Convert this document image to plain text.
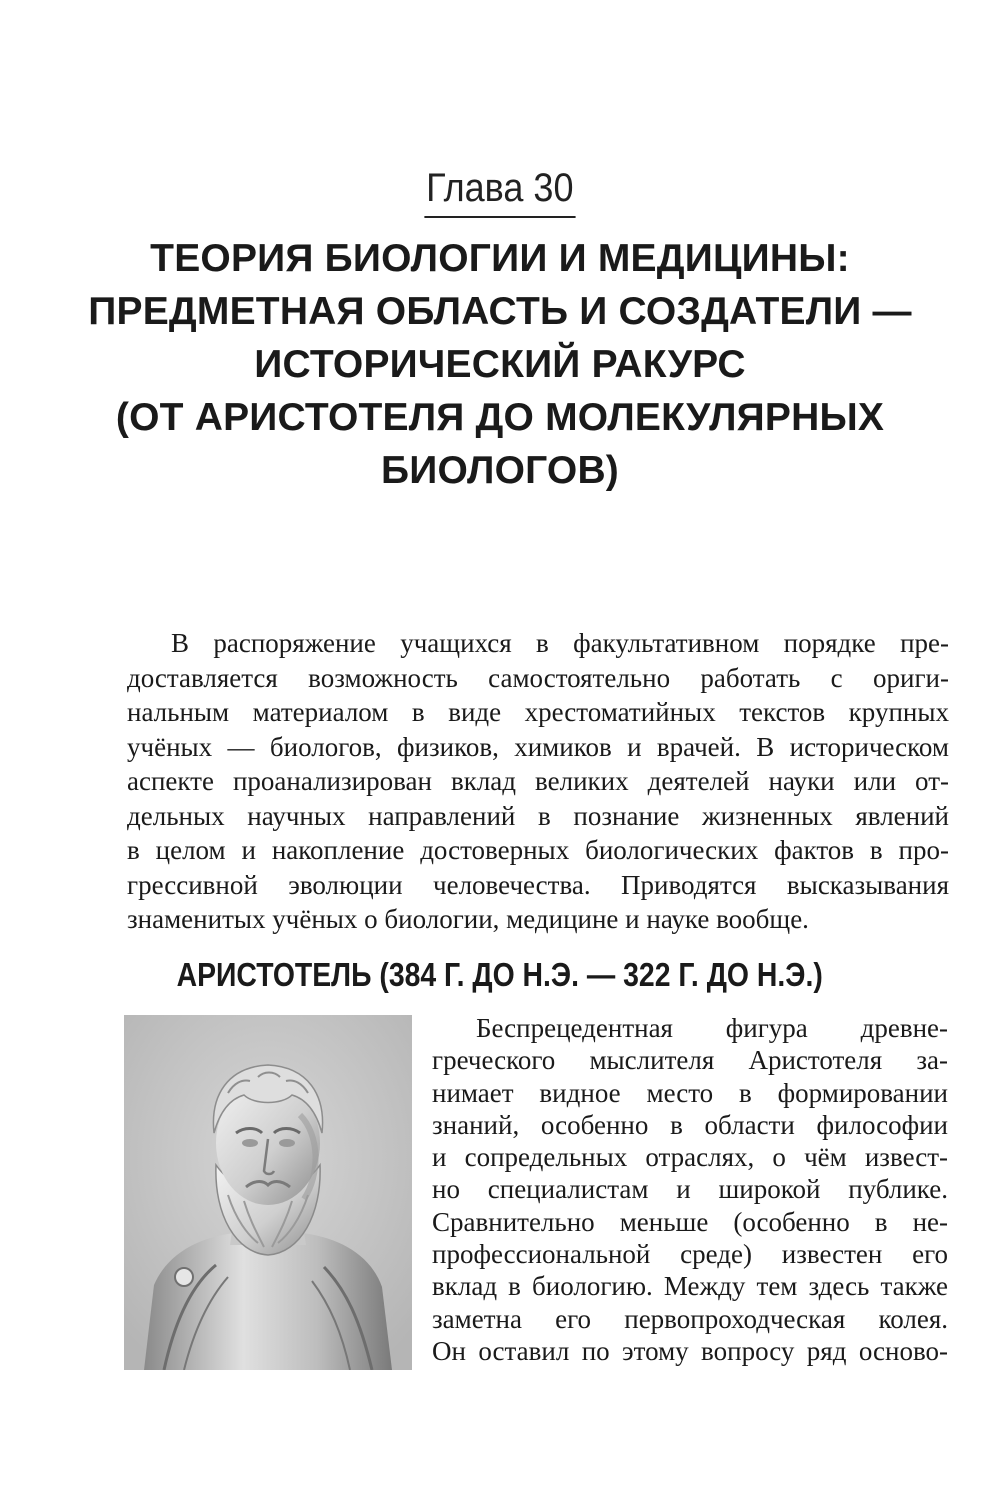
Глава 30
ТЕОРИЯ БИОЛОГИИ И МЕДИЦИНЫ:
ПРЕДМЕТНАЯ ОБЛАСТЬ И СОЗДАТЕЛИ —
ИСТОРИЧЕСКИЙ РАКУРС
(ОТ АРИСТОТЕЛЯ ДО МОЛЕКУЛЯРНЫХ
БИОЛОГОВ)
В распоряжение учащихся в факультативном порядке пре-
доставляется возможность самостоятельно работать с ориги-
нальным материалом в виде хрестоматийных текстов крупных
учёных — биологов, физиков, химиков и врачей. В историческом
аспекте проанализирован вклад великих деятелей науки или от-
дельных научных направлений в познание жизненных явлений
в целом и накопление достоверных биологических фактов в про-
грессивной эволюции человечества. Приводятся высказывания
знаменитых учёных о биологии, медицине и науке вообще.
АРИСТОТЕЛЬ (384 Г. ДО Н.Э. — 322 Г. ДО Н.Э.)
Беспрецедентная фигура древне-
греческого мыслителя Аристотеля за-
нимает видное место в формировании
знаний, особенно в области философии
и сопредельных отраслях, о чём извест-
но специалистам и широкой публике.
Сравнительно меньше (особенно в не-
профессиональной среде) известен его
вклад в биологию. Между тем здесь также
заметна его первопроходческая колея.
Он оставил по этому вопросу ряд осново-
